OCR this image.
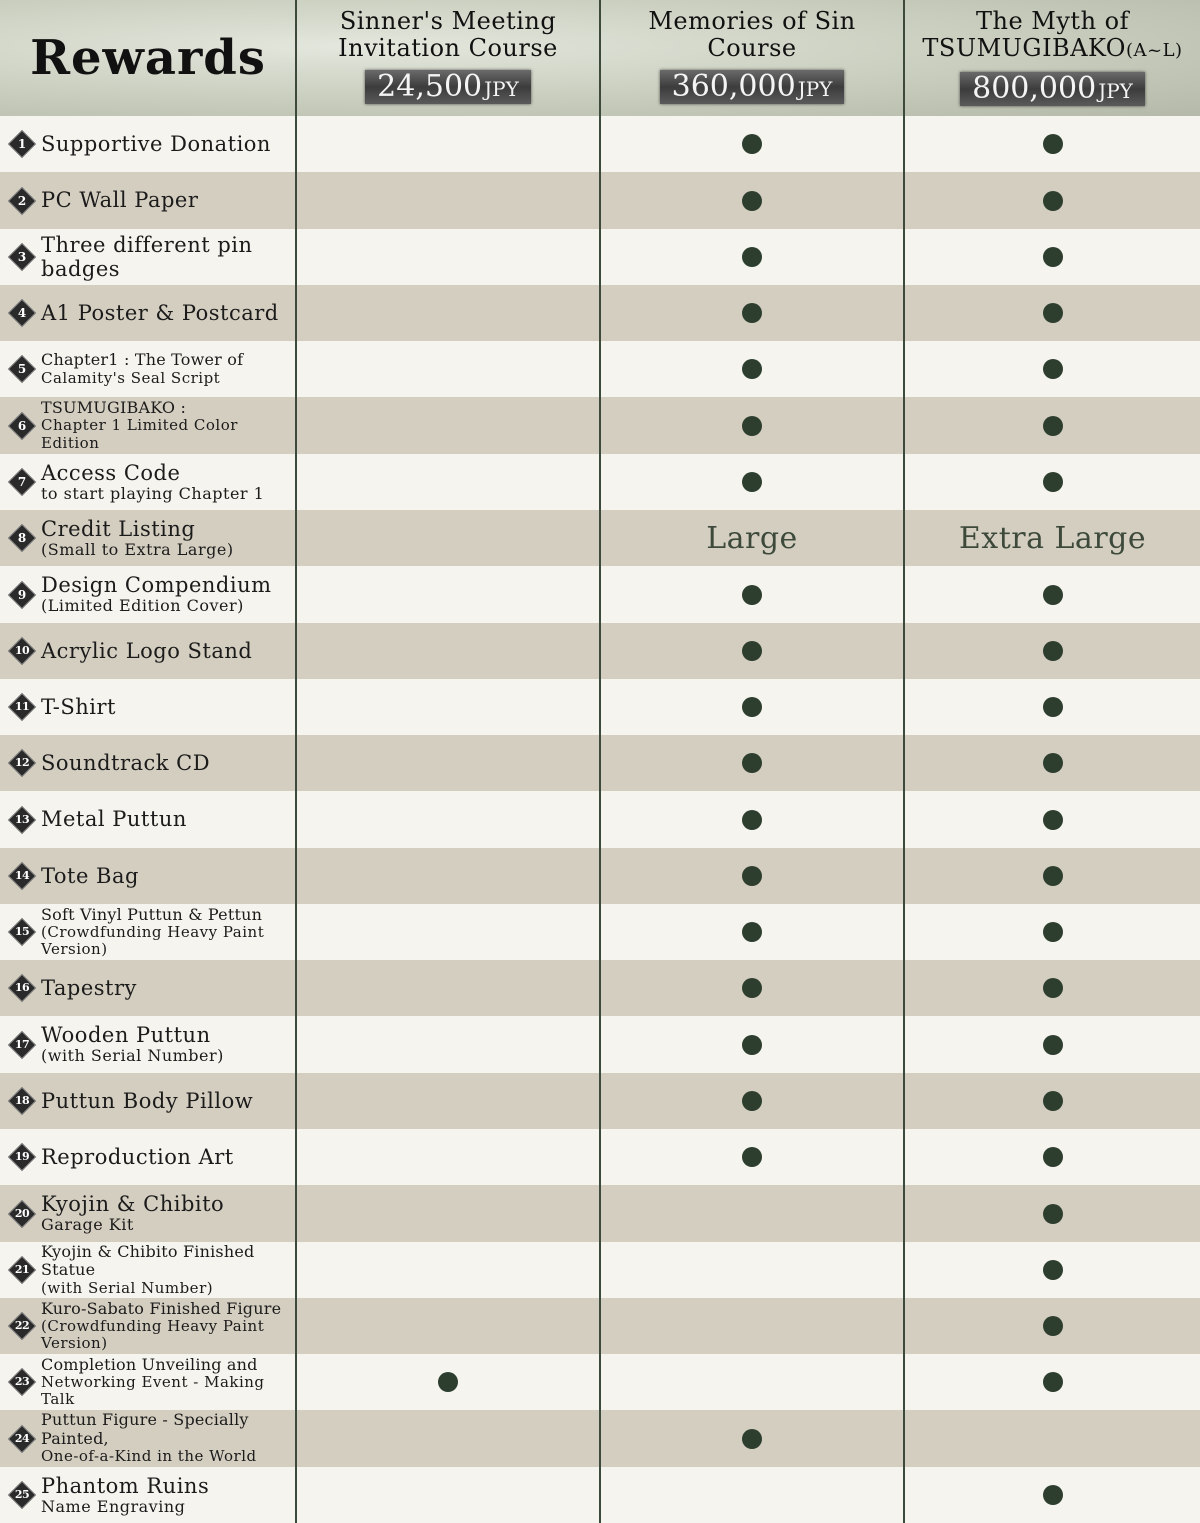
Rewards
Sinner's Meeting
Invitation Course
24,500 JPY
Memories of Sin
Course
360,000 JPY
The Myth of
TSUMUGIBAKO(A~L)
800,000 JPY
1 Supportive Donation
2 PC Wall Paper
3
Three different pin badges
4 A1 Poster & Postcard
5 Chapter1 : The Tower of
Calamity's Seal Script
6
TSUMUGIBAKO :
Chapter 1 Limited Color Edition
7 Access Code
to start playing Chapter 1
8 Credit Listing
(Small to Extra Large)	Large	Extra Large
9 Design Compendium
(Limited Edition Cover)
10 Acrylic Logo Stand
11 T-Shirt
12 Soundtrack CD
13 Metal Puttun
14 Tote Bag
15
Soft Vinyl Puttun & Pettun
(Crowdfunding Heavy Paint Version)
16 Tapestry
17 Wooden Puttun
(with Serial Number)
18 Puttun Body Pillow
19 Reproduction Art
20 Kyojin & Chibito
Garage Kit
21
Kyojin & Chibito Finished Statue
(with Serial Number)
22
Kuro-Sabato Finished Figure
(Crowdfunding Heavy Paint Version)
23
Completion Unveiling and
Networking Event - Making Talk
24
Puttun Figure - Specially Painted,
One-of-a-Kind in the World
25 Phantom Ruins
Name Engraving
